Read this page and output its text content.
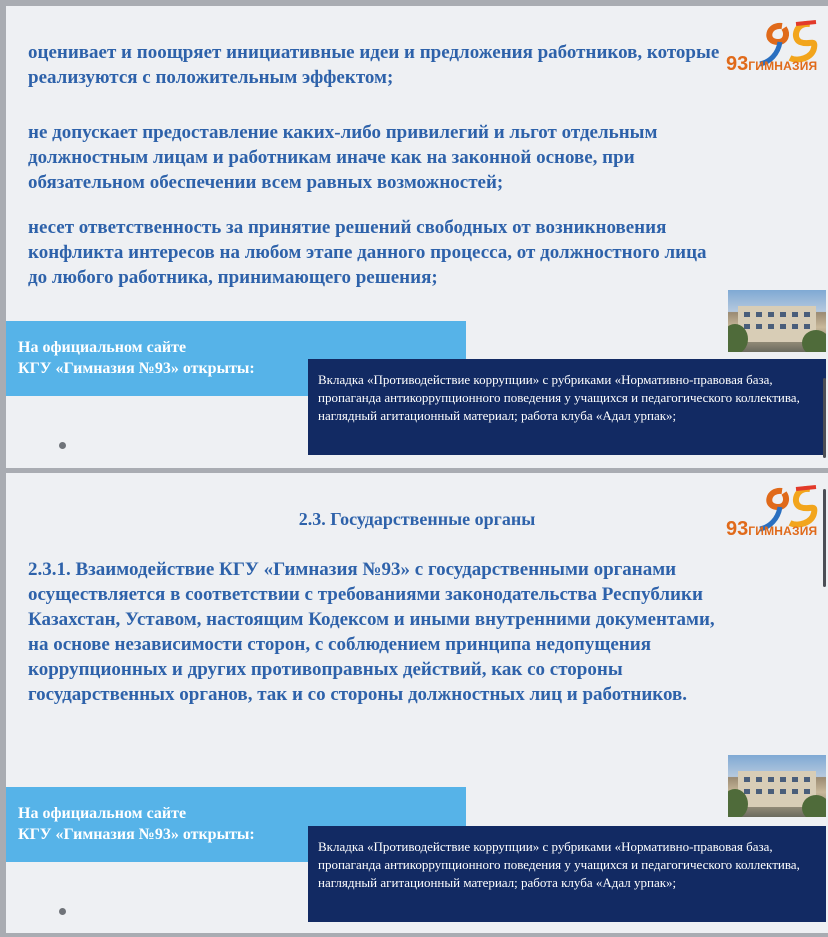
оценивает и поощряет инициативные идеи и предложения работников, которые реализуются с положительным эффектом;

не допускает предоставление каких-либо привилегий и льгот отдельным должностным лицам и работникам иначе как на законной основе, при обязательном обеспечении всем равных возможностей;

несет ответственность за принятие решений свободных от возникновения конфликта интересов на любом этапе данного процесса, от должностного лица до любого работника, принимающего решения;

93ГИМНАЗИЯ
На официальном сайте
КГУ «Гимназия №93» открыты:
Вкладка «Противодействие коррупции» с рубриками «Нормативно-правовая база, пропаганда антикоррупционного поведения у учащихся и педагогического коллектива, наглядный агитационный материал; работа клуба «Адал урпак»;
2.3. Государственные органы	93ГИМНАЗИЯ

2.3.1. Взаимодействие КГУ «Гимназия №93» с государственными органами осуществляется в соответствии с требованиями законодательства Республики Казахстан, Уставом, настоящим Кодексом и иными внутренними документами, на основе независимости сторон, с соблюдением принципа недопущения коррупционных и других противоправных действий, как со стороны государственных органов, так и со стороны должностных лиц и работников.

На официальном сайте
КГУ «Гимназия №93» открыты:
Вкладка «Противодействие коррупции» с рубриками «Нормативно-правовая база, пропаганда антикоррупционного поведения у учащихся и педагогического коллектива, наглядный агитационный материал; работа клуба «Адал урпак»;
